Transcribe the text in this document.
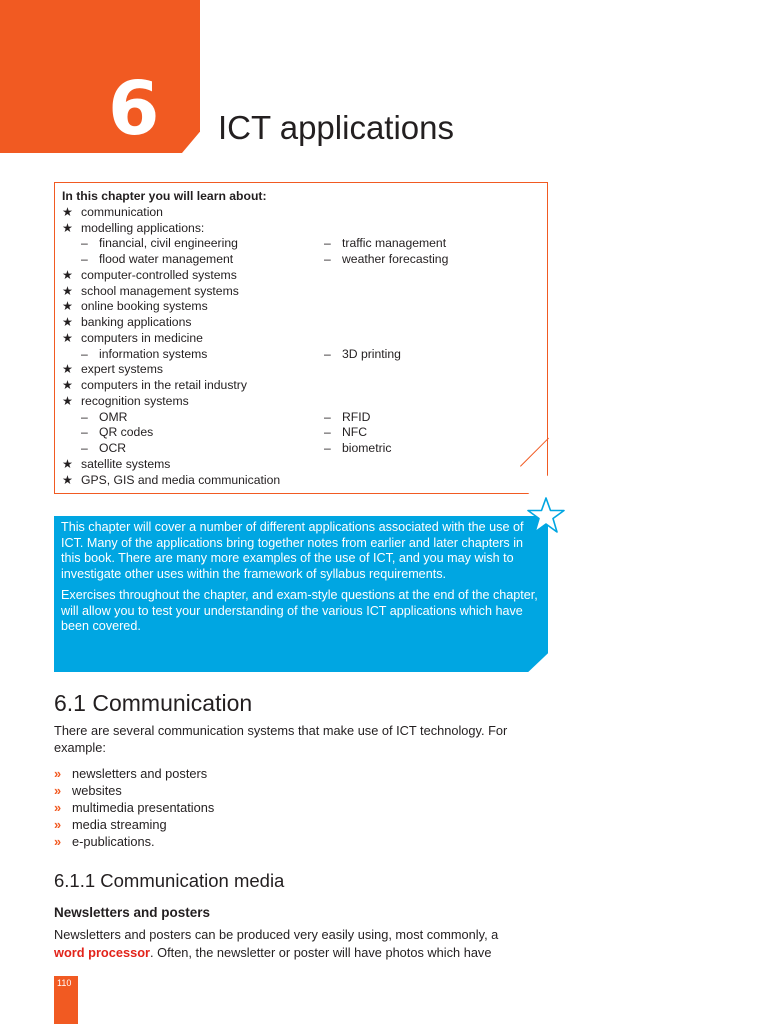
6 ICT applications
In this chapter you will learn about:
★ communication
★ modelling applications:
– financial, civil engineering	– traffic management
– flood water management	– weather forecasting
★ computer-controlled systems
★ school management systems
★ online booking systems
★ banking applications
★ computers in medicine
– information systems	– 3D printing
★ expert systems
★ computers in the retail industry
★ recognition systems
– OMR	– RFID
– QR codes	– NFC
– OCR	– biometric
★ satellite systems
★ GPS, GIS and media communication

This chapter will cover a number of different applications associated with the use of ICT. Many of the applications bring together notes from earlier and later chapters in this book. There are many more examples of the use of ICT, and you may wish to investigate other uses within the framework of syllabus requirements.

Exercises throughout the chapter, and exam-style questions at the end of the chapter, will allow you to test your understanding of the various ICT applications which have been covered.

6.1 Communication

There are several communication systems that make use of ICT technology. For example:

» newsletters and posters
» websites
» multimedia presentations
» media streaming
» e-publications.
6.1.1 Communication media
Newsletters and posters

Newsletters and posters can be produced very easily using, most commonly, a word processor. Often, the newsletter or poster will have photos which have

110
